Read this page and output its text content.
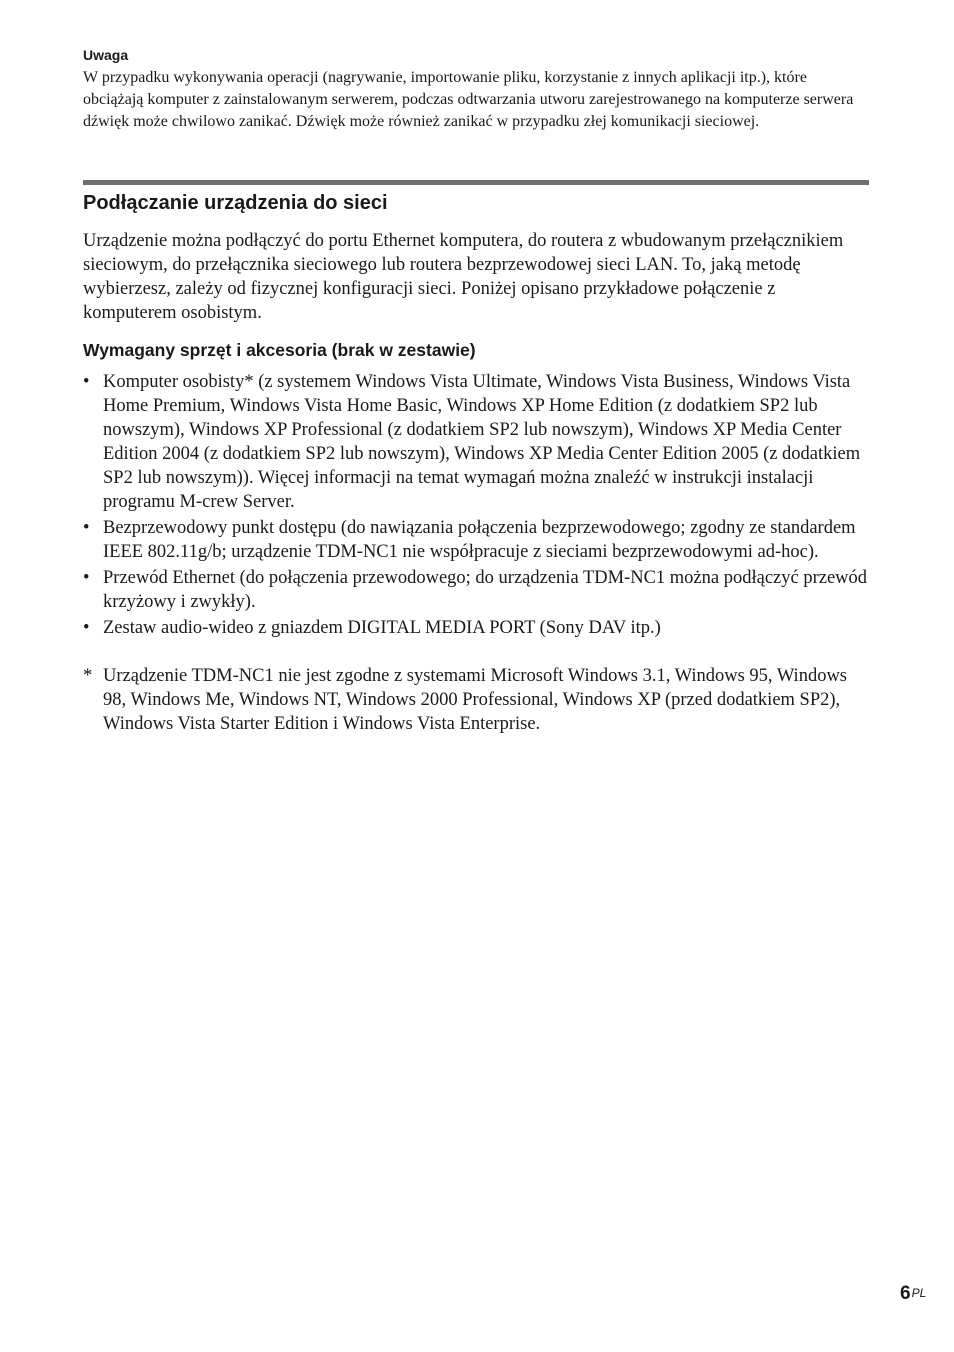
Uwaga

W przypadku wykonywania operacji (nagrywanie, importowanie pliku, korzystanie z innych aplikacji itp.), które obciążają komputer z zainstalowanym serwerem, podczas odtwarzania utworu zarejestrowanego na komputerze serwera dźwięk może chwilowo zanikać. Dźwięk może również zanikać w przypadku złej komunikacji sieciowej.

Podłączanie urządzenia do sieci

Urządzenie można podłączyć do portu Ethernet komputera, do routera z wbudowanym przełącznikiem sieciowym, do przełącznika sieciowego lub routera bezprzewodowej sieci LAN. To, jaką metodę wybierzesz, zależy od fizycznej konfiguracji sieci. Poniżej opisano przykładowe połączenie z komputerem osobistym.

Wymagany sprzęt i akcesoria (brak w zestawie)
• Komputer osobisty* (z systemem Windows Vista Ultimate, Windows Vista Business, Windows Vista Home Premium, Windows Vista Home Basic, Windows XP Home Edition (z dodatkiem SP2 lub nowszym), Windows XP Professional (z dodatkiem SP2 lub nowszym), Windows XP Media Center Edition 2004 (z dodatkiem SP2 lub nowszym), Windows XP Media Center Edition 2005 (z dodatkiem SP2 lub nowszym)). Więcej informacji na temat wymagań można znaleźć w instrukcji instalacji programu M-crew Server.
• Bezprzewodowy punkt dostępu (do nawiązania połączenia bezprzewodowego; zgodny ze standardem IEEE 802.11g/b; urządzenie TDM-NC1 nie współpracuje z sieciami bezprzewodowymi ad-hoc).
• Przewód Ethernet (do połączenia przewodowego; do urządzenia TDM-NC1 można podłączyć przewód krzyżowy i zwykły).
• Zestaw audio-wideo z gniazdem DIGITAL MEDIA PORT (Sony DAV itp.)

* Urządzenie TDM-NC1 nie jest zgodne z systemami Microsoft Windows 3.1, Windows 95, Windows 98, Windows Me, Windows NT, Windows 2000 Professional, Windows XP (przed dodatkiem SP2), Windows Vista Starter Edition i Windows Vista Enterprise.

$6^{PL}$
